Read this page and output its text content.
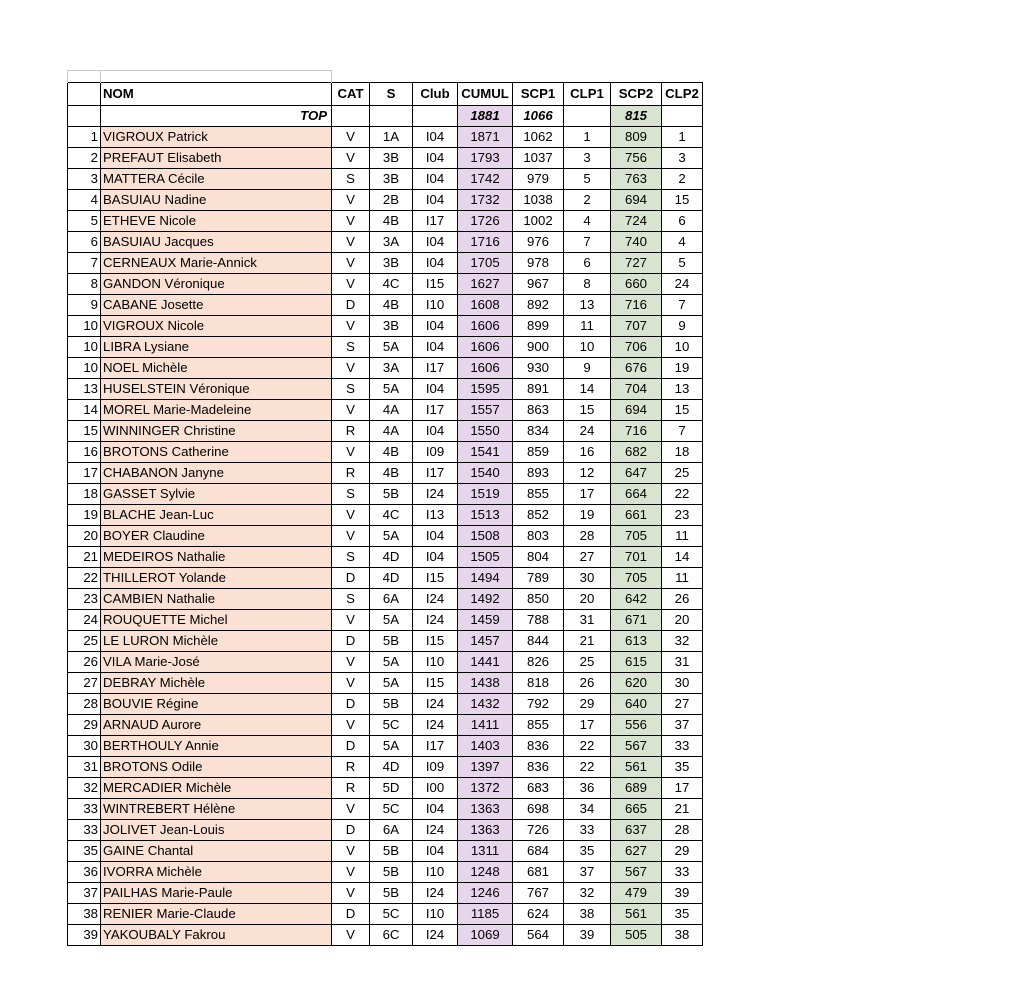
	NOM	CAT	S	Club	CUMUL	SCP1	CLP1	SCP2	CLP2
	TOP				1881	1066		815	
1	VIGROUX Patrick	V	1A	I04	1871	1062	1	809	1
2	PREFAUT Elisabeth	V	3B	I04	1793	1037	3	756	3
3	MATTERA Cécile	S	3B	I04	1742	979	5	763	2
4	BASUIAU Nadine	V	2B	I04	1732	1038	2	694	15
5	ETHEVE Nicole	V	4B	I17	1726	1002	4	724	6
6	BASUIAU Jacques	V	3A	I04	1716	976	7	740	4
7	CERNEAUX Marie-Annick	V	3B	I04	1705	978	6	727	5
8	GANDON Véronique	V	4C	I15	1627	967	8	660	24
9	CABANE Josette	D	4B	I10	1608	892	13	716	7
10	VIGROUX Nicole	V	3B	I04	1606	899	11	707	9
10	LIBRA Lysiane	S	5A	I04	1606	900	10	706	10
10	NOEL Michèle	V	3A	I17	1606	930	9	676	19
13	HUSELSTEIN Véronique	S	5A	I04	1595	891	14	704	13
14	MOREL Marie-Madeleine	V	4A	I17	1557	863	15	694	15
15	WINNINGER Christine	R	4A	I04	1550	834	24	716	7
16	BROTONS Catherine	V	4B	I09	1541	859	16	682	18
17	CHABANON Janyne	R	4B	I17	1540	893	12	647	25
18	GASSET Sylvie	S	5B	I24	1519	855	17	664	22
19	BLACHE Jean-Luc	V	4C	I13	1513	852	19	661	23
20	BOYER Claudine	V	5A	I04	1508	803	28	705	11
21	MEDEIROS Nathalie	S	4D	I04	1505	804	27	701	14
22	THILLEROT Yolande	D	4D	I15	1494	789	30	705	11
23	CAMBIEN Nathalie	S	6A	I24	1492	850	20	642	26
24	ROUQUETTE Michel	V	5A	I24	1459	788	31	671	20
25	LE LURON Michèle	D	5B	I15	1457	844	21	613	32
26	VILA Marie-José	V	5A	I10	1441	826	25	615	31
27	DEBRAY Michèle	V	5A	I15	1438	818	26	620	30
28	BOUVIE Régine	D	5B	I24	1432	792	29	640	27
29	ARNAUD Aurore	V	5C	I24	1411	855	17	556	37
30	BERTHOULY Annie	D	5A	I17	1403	836	22	567	33
31	BROTONS Odile	R	4D	I09	1397	836	22	561	35
32	MERCADIER Michèle	R	5D	I00	1372	683	36	689	17
33	WINTREBERT Hélène	V	5C	I04	1363	698	34	665	21
33	JOLIVET Jean-Louis	D	6A	I24	1363	726	33	637	28
35	GAINE Chantal	V	5B	I04	1311	684	35	627	29
36	IVORRA Michèle	V	5B	I10	1248	681	37	567	33
37	PAILHAS Marie-Paule	V	5B	I24	1246	767	32	479	39
38	RENIER Marie-Claude	D	5C	I10	1185	624	38	561	35
39	YAKOUBALY Fakrou	V	6C	I24	1069	564	39	505	38
